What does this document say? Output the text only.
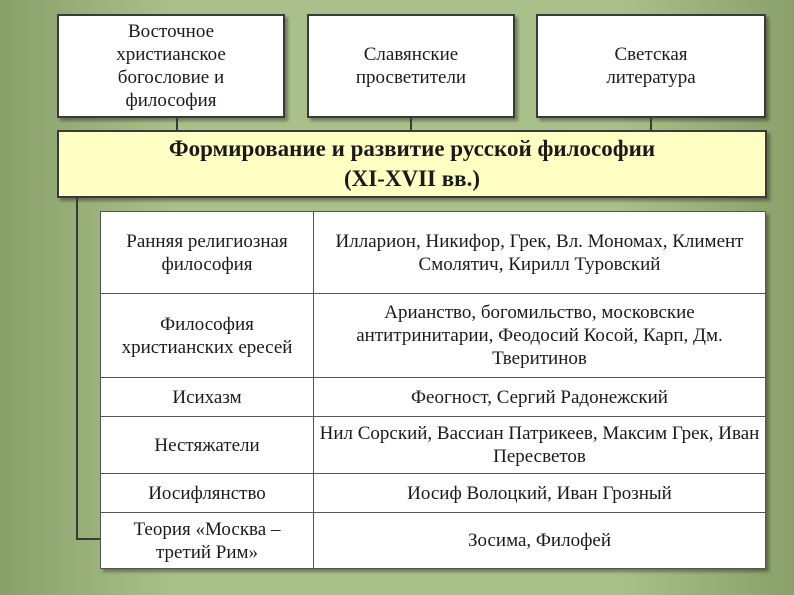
Восточное
христианское
богословие и
философия
Славянские
просветители
Светская
литература
Формирование и развитие русской философии
(XI-XVII вв.)
Ранняя религиозная философия	Илларион, Никифор, Грек, Вл. Мономах, Климент Смолятич, Кирилл Туровский
Философия христианских ересей	Арианство, богомильство, московские антитринитарии, Феодосий Косой, Карп, Дм. Тверитинов
Исихазм	Феогност, Сергий Радонежский
Нестяжатели	Нил Сорский, Вассиан Патрикеев, Максим Грек, Иван Пересветов
Иосифлянство	Иосиф Волоцкий, Иван Грозный
Теория «Москва – третий Рим»	Зосима, Филофей
